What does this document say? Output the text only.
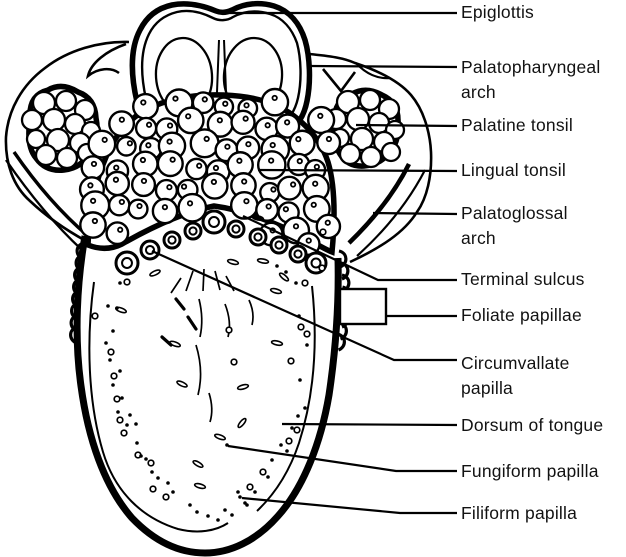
Epiglottis
Palatopharyngeal
arch
Palatine tonsil
Lingual tonsil
Palatoglossal
arch
Terminal sulcus
Foliate papillae
Circumvallate
papilla
Dorsum of tongue
Fungiform papilla
Filiform papilla
